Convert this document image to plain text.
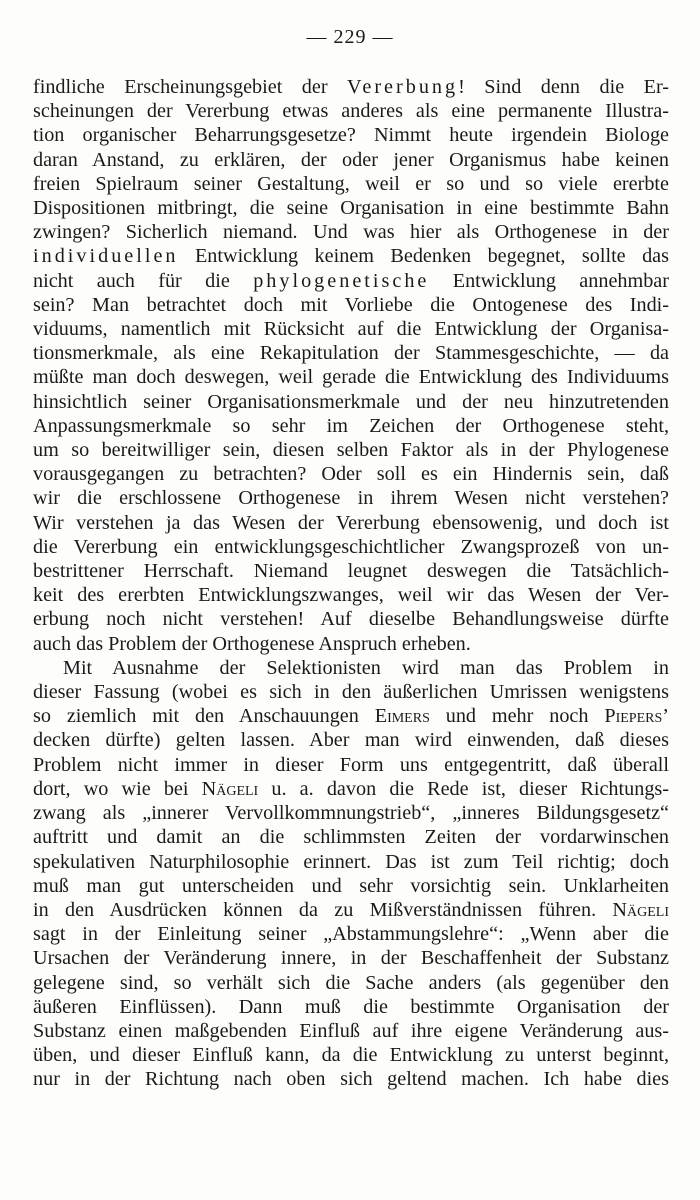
— 229 —
findliche Erscheinungsgebiet der Vererbung! Sind denn die Er-
scheinungen der Vererbung etwas anderes als eine permanente Illustra-
tion organischer Beharrungsgesetze? Nimmt heute irgendein Biologe
daran Anstand, zu erklären, der oder jener Organismus habe keinen
freien Spielraum seiner Gestaltung, weil er so und so viele ererbte
Dispositionen mitbringt, die seine Organisation in eine bestimmte Bahn
zwingen? Sicherlich niemand. Und was hier als Orthogenese in der
individuellen Entwicklung keinem Bedenken begegnet, sollte das
nicht auch für die phylogenetische Entwicklung annehmbar
sein? Man betrachtet doch mit Vorliebe die Ontogenese des Indi-
viduums, namentlich mit Rücksicht auf die Entwicklung der Organisa-
tionsmerkmale, als eine Rekapitulation der Stammesgeschichte, — da
müßte man doch deswegen, weil gerade die Entwicklung des Individuums
hinsichtlich seiner Organisationsmerkmale und der neu hinzutretenden
Anpassungsmerkmale so sehr im Zeichen der Orthogenese steht,
um so bereitwilliger sein, diesen selben Faktor als in der Phylogenese
vorausgegangen zu betrachten? Oder soll es ein Hindernis sein, daß
wir die erschlossene Orthogenese in ihrem Wesen nicht verstehen?
Wir verstehen ja das Wesen der Vererbung ebensowenig, und doch ist
die Vererbung ein entwicklungsgeschichtlicher Zwangsprozeß von un-
bestrittener Herrschaft. Niemand leugnet deswegen die Tatsächlich-
keit des ererbten Entwicklungszwanges, weil wir das Wesen der Ver-
erbung noch nicht verstehen! Auf dieselbe Behandlungsweise dürfte
auch das Problem der Orthogenese Anspruch erheben.
Mit Ausnahme der Selektionisten wird man das Problem in
dieser Fassung (wobei es sich in den äußerlichen Umrissen wenigstens
so ziemlich mit den Anschauungen Eimers und mehr noch Piepers’
decken dürfte) gelten lassen. Aber man wird einwenden, daß dieses
Problem nicht immer in dieser Form uns entgegentritt, daß überall
dort, wo wie bei Nägeli u. a. davon die Rede ist, dieser Richtungs-
zwang als „innerer Vervollkommnungstrieb“, „inneres Bildungsgesetz“
auftritt und damit an die schlimmsten Zeiten der vordarwinschen
spekulativen Naturphilosophie erinnert. Das ist zum Teil richtig; doch
muß man gut unterscheiden und sehr vorsichtig sein. Unklarheiten
in den Ausdrücken können da zu Mißverständnissen führen. Nägeli
sagt in der Einleitung seiner „Abstammungslehre“: „Wenn aber die
Ursachen der Veränderung innere, in der Beschaffenheit der Substanz
gelegene sind, so verhält sich die Sache anders (als gegenüber den
äußeren Einflüssen). Dann muß die bestimmte Organisation der
Substanz einen maßgebenden Einfluß auf ihre eigene Veränderung aus-
üben, und dieser Einfluß kann, da die Entwicklung zu unterst beginnt,
nur in der Richtung nach oben sich geltend machen. Ich habe dies
